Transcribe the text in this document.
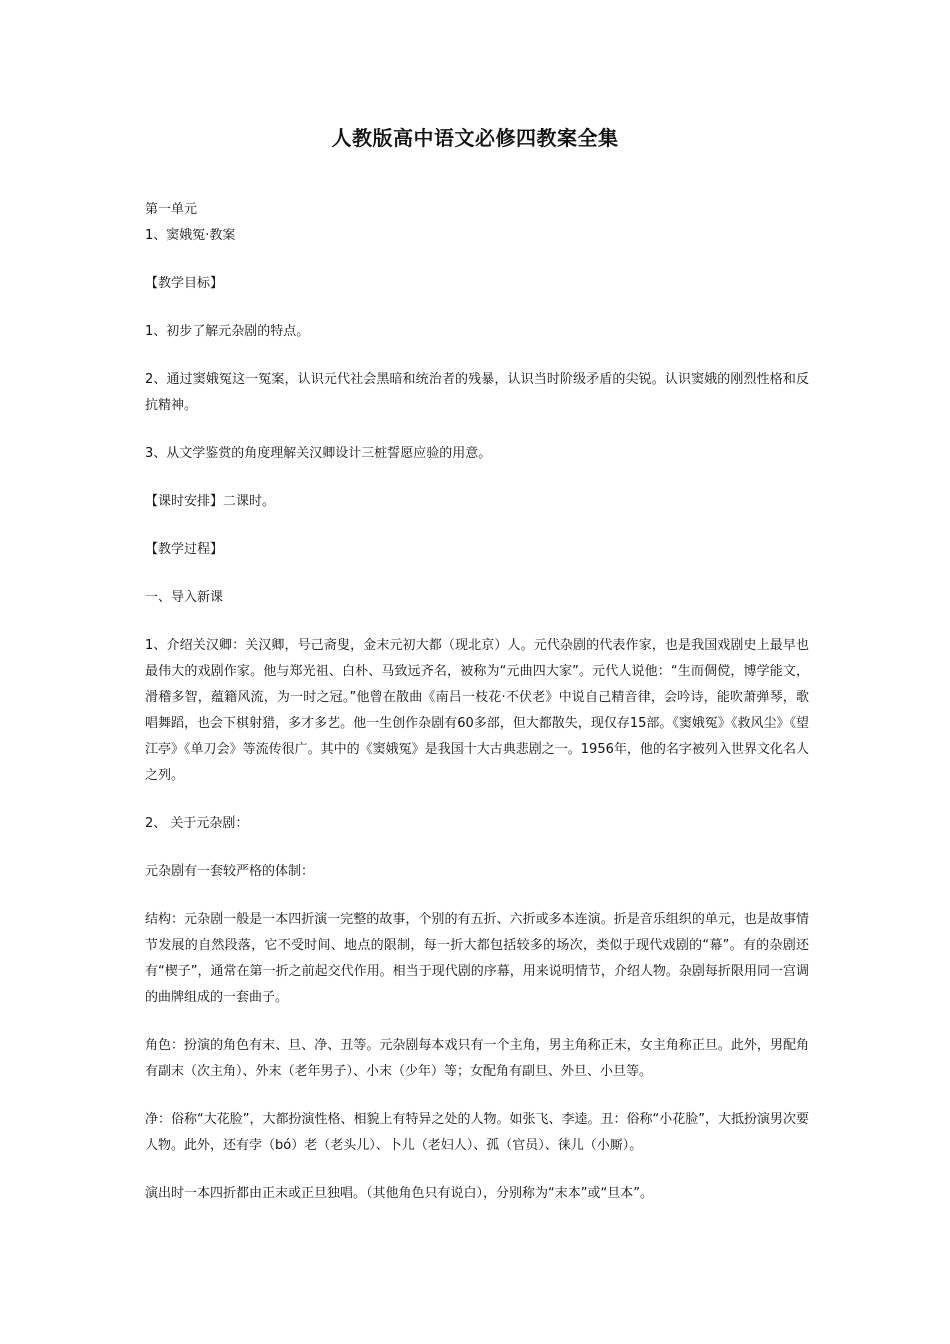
人教版高中语文必修四教案全集

第一单元

1、窦娥冤·教案

【教学目标】

1、初步了解元杂剧的特点。

2、通过窦娥冤这一冤案，认识元代社会黑暗和统治者的残暴，认识当时阶级矛盾的尖锐。认识窦娥的刚烈性格和反抗精神。

3、从文学鉴赏的角度理解关汉卿设计三桩誓愿应验的用意。

【课时安排】二课时。

【教学过程】

一、导入新课

1、介绍关汉卿：关汉卿，号己斋叟，金末元初大都（现北京）人。元代杂剧的代表作家，也是我国戏剧史上最早也最伟大的戏剧作家。他与郑光祖、白朴、马致远齐名，被称为“元曲四大家”。元代人说他：“生而倜傥，博学能文，滑稽多智，蕴籍风流，为一时之冠。”他曾在散曲《南吕一枝花·不伏老》中说自己精音律，会吟诗，能吹萧弹琴，歌唱舞蹈，也会下棋射猎，多才多艺。他一生创作杂剧有60多部，但大都散失，现仅存15部。《窦娥冤》《救风尘》《望江亭》《单刀会》等流传很广。其中的《窦娥冤》是我国十大古典悲剧之一。1956年，他的名字被列入世界文化名人之列。

2、 关于元杂剧：

元杂剧有一套较严格的体制：

结构：元杂剧一般是一本四折演一完整的故事，个别的有五折、六折或多本连演。折是音乐组织的单元，也是故事情节发展的自然段落，它不受时间、地点的限制，每一折大都包括较多的场次，类似于现代戏剧的“幕”。有的杂剧还有“楔子”，通常在第一折之前起交代作用。相当于现代剧的序幕，用来说明情节，介绍人物。杂剧每折限用同一宫调的曲牌组成的一套曲子。

角色：扮演的角色有末、旦、净、丑等。元杂剧每本戏只有一个主角，男主角称正末，女主角称正旦。此外，男配角有副末（次主角）、外末（老年男子）、小末（少年）等；女配角有副旦、外旦、小旦等。

净：俗称“大花脸”，大都扮演性格、相貌上有特异之处的人物。如张飞、李逵。丑：俗称“小花脸”，大抵扮演男次要人物。此外，还有孛（bó）老（老头儿）、卜儿（老妇人）、孤（官员）、徕儿（小厮）。

演出时一本四折都由正末或正旦独唱。（其他角色只有说白），分别称为“末本”或“旦本”。
